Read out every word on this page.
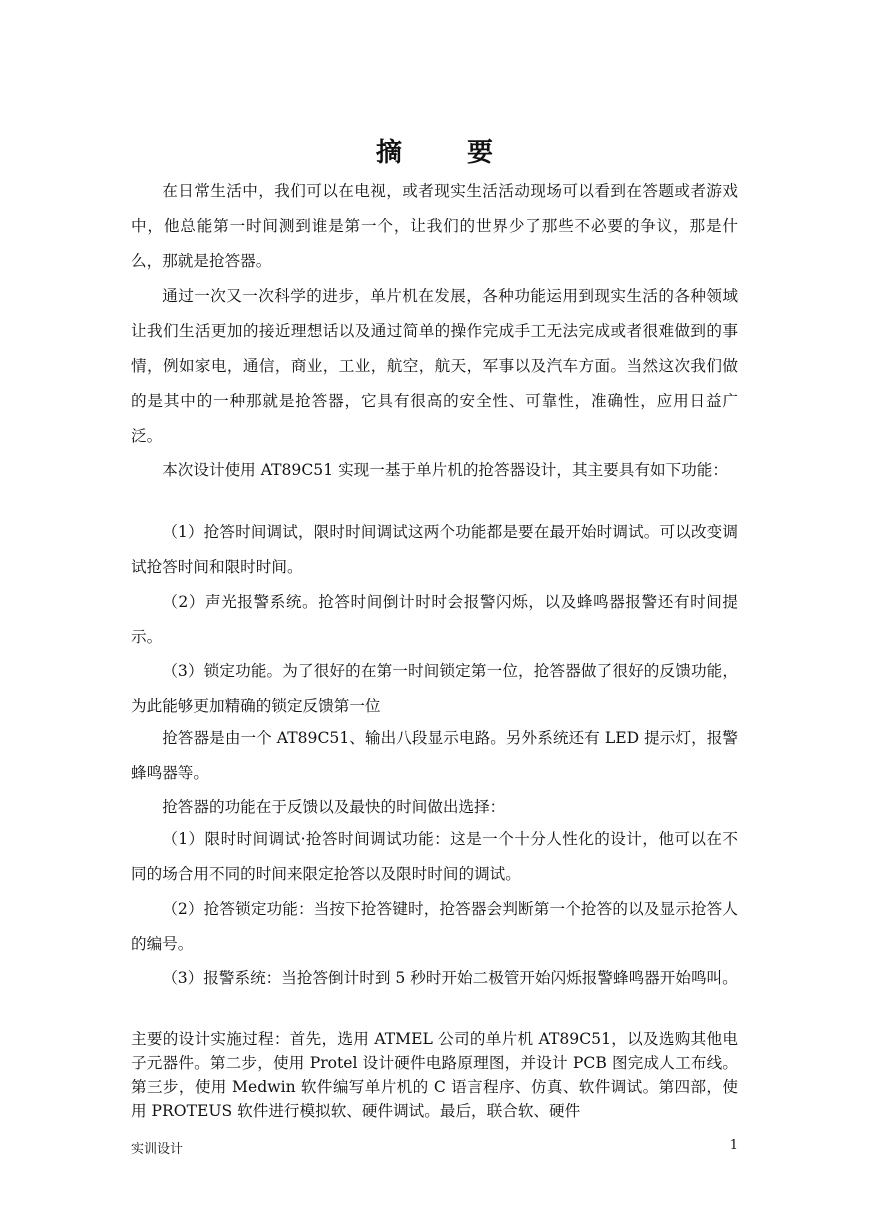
摘 要

在日常生活中，我们可以在电视，或者现实生活活动现场可以看到在答题或者游戏中，他总能第一时间测到谁是第一个，让我们的世界少了那些不必要的争议，那是什么，那就是抢答器。

通过一次又一次科学的进步，单片机在发展，各种功能运用到现实生活的各种领域让我们生活更加的接近理想话以及通过简单的操作完成手工无法完成或者很难做到的事情，例如家电，通信，商业，工业，航空，航天，军事以及汽车方面。当然这次我们做的是其中的一种那就是抢答器，它具有很高的安全性、可靠性，准确性，应用日益广泛。

本次设计使用 AT89C51 实现一基于单片机的抢答器设计，其主要具有如下功能：

（1）抢答时间调试，限时时间调试这两个功能都是要在最开始时调试。可以改变调试抢答时间和限时时间。

（2）声光报警系统。抢答时间倒计时时会报警闪烁，以及蜂鸣器报警还有时间提示。

（3）锁定功能。为了很好的在第一时间锁定第一位，抢答器做了很好的反馈功能，为此能够更加精确的锁定反馈第一位

抢答器是由一个 AT89C51、输出八段显示电路。另外系统还有 LED 提示灯，报警蜂鸣器等。

抢答器的功能在于反馈以及最快的时间做出选择：

（1）限时时间调试·抢答时间调试功能：这是一个十分人性化的设计，他可以在不同的场合用不同的时间来限定抢答以及限时时间的调试。

（2）抢答锁定功能：当按下抢答键时，抢答器会判断第一个抢答的以及显示抢答人的编号。

（3）报警系统：当抢答倒计时到 5 秒时开始二极管开始闪烁报警蜂鸣器开始鸣叫。

主要的设计实施过程：首先，选用 ATMEL 公司的单片机 AT89C51，以及选购其他电子元器件。第二步，使用 Protel 设计硬件电路原理图，并设计 PCB 图完成人工布线。第三步，使用 Medwin 软件编写单片机的 C 语言程序、仿真、软件调试。第四部，使用 PROTEUS 软件进行模拟软、硬件调试。最后，联合软、硬件

实训设计	1
